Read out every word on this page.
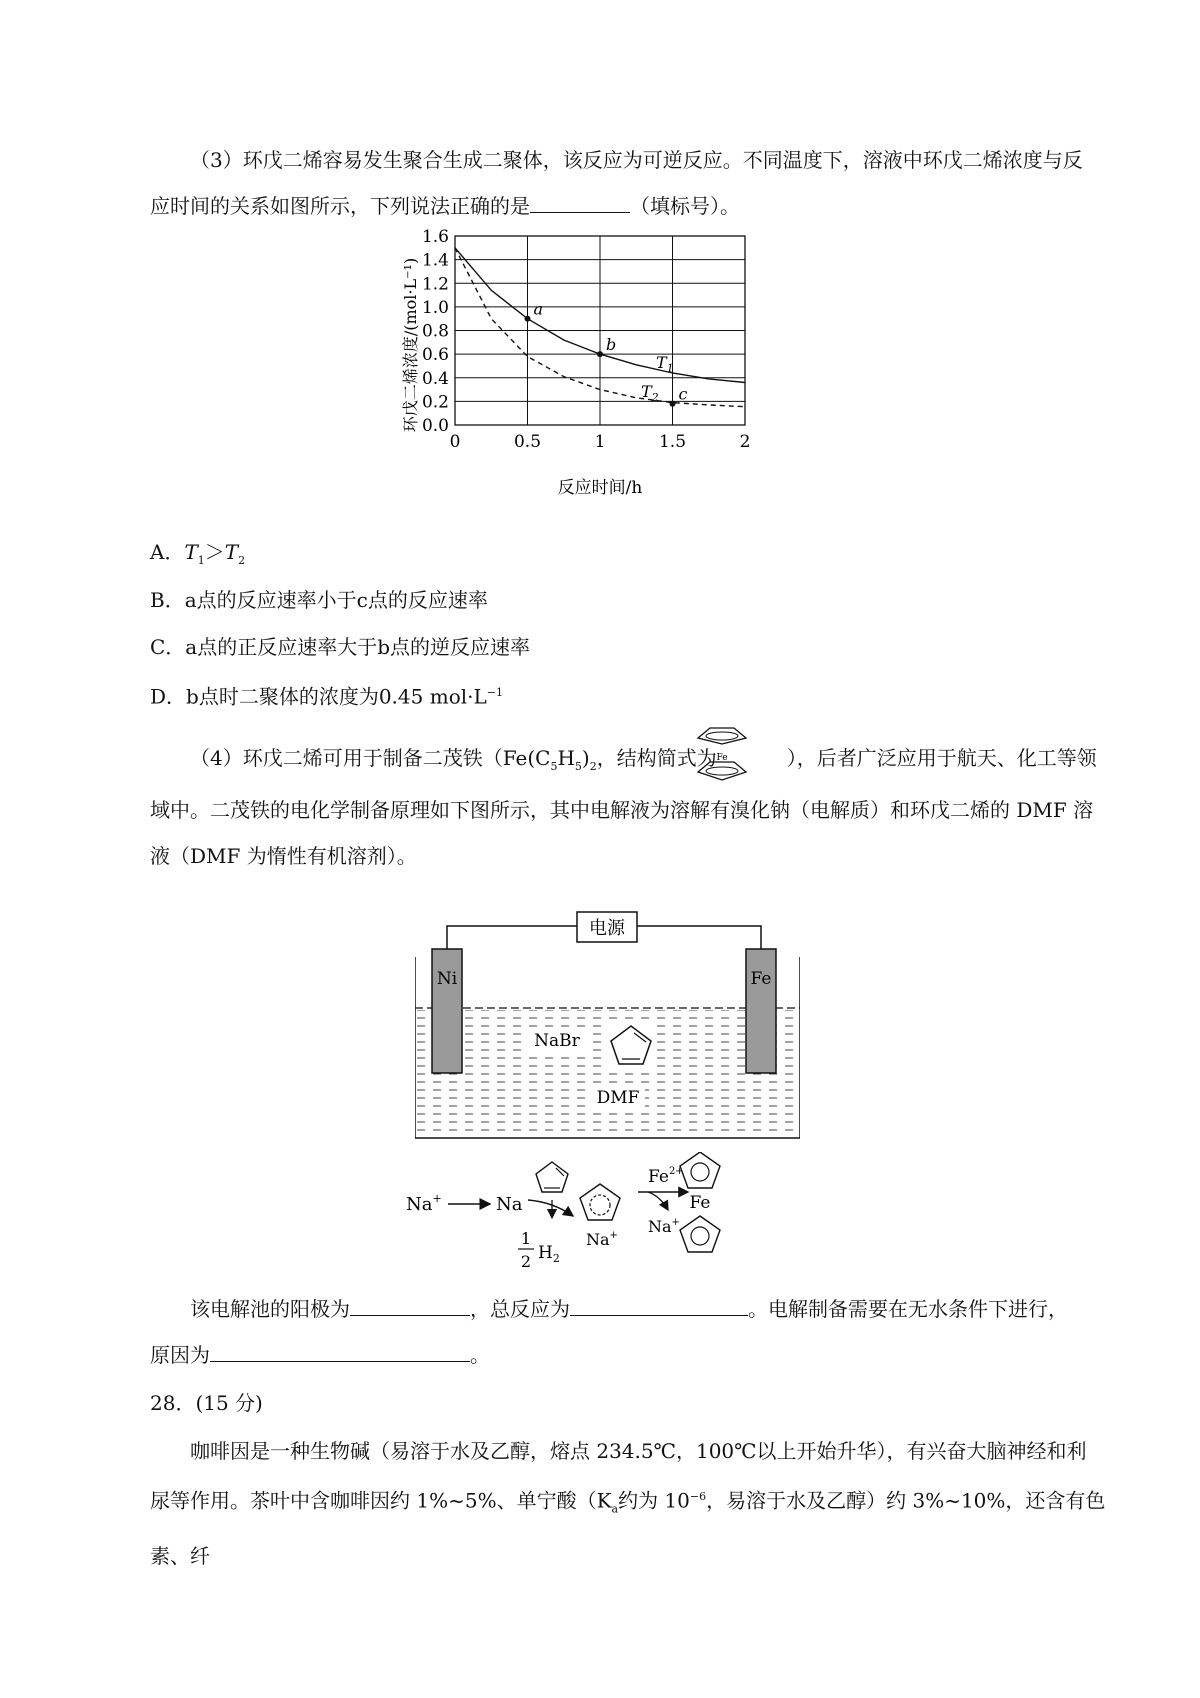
（3）环戊二烯容易发生聚合生成二聚体，该反应为可逆反应。不同温度下，溶液中环戊二烯浓度与反

应时间的关系如图所示，下列说法正确的是	（填标号）。

0	0.5	1	1.5	2
0.0
0.2
0.4
0.6
0.8
1.0
1.2
1.4
1.6
a
b
c
$T_1$
$T_2$
反应时间/h
环戊二烯浓度/(mol·L⁻¹)

A．$T_1>T_2$

B．a点的反应速率小于c点的反应速率

C．a点的正反应速率大于b点的逆反应速率

D．b点时二聚体的浓度为0.45 $mol\cdot L^{-1}$

（4）环戊二烯可用于制备二茂铁（$Fe(C_5H_5)_2$，结构简式为	），后者广泛应用于航天、化工等领

Fe

域中。二茂铁的电化学制备原理如下图所示，其中电解液为溶解有溴化钠（电解质）和环戊二烯的 DMF 溶

液（DMF 为惰性有机溶剂）。

电源
Ni	Fe
NaBr
DMF
Na+	Na
1
2 $H_2$
Na+
$Fe^{2+}$
Na+
Fe

该电解池的阳极为	，总反应为	。电解制备需要在无水条件下进行，

原因为	。

28．(15 分)

咖啡因是一种生物碱（易溶于水及乙醇，熔点 234.5℃，100℃以上开始升华），有兴奋大脑神经和利

尿等作用。茶叶中含咖啡因约 1%~5%、单宁酸（$K_a$约为 $10^{-6}$，易溶于水及乙醇）约 3%~10%，还含有色素、纤
